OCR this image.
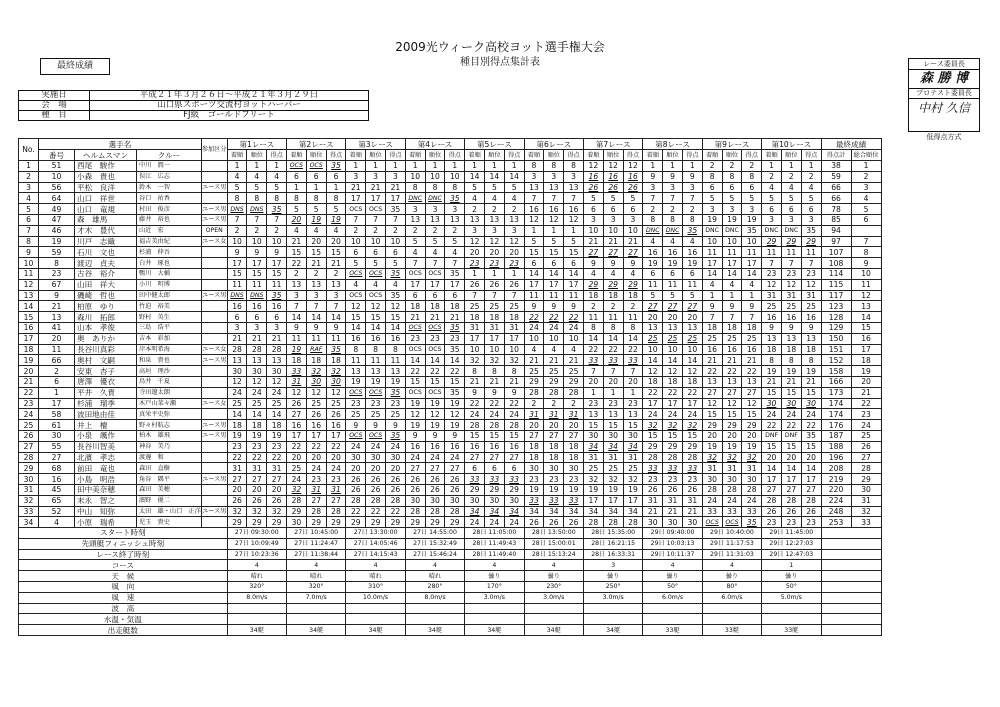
2009光ウィーク高校ヨット選手権大会
種目別得点集計表
最終成績
実施日	平成２１年３月２６日～平成２１年３月２９日
会　場	山口県スポーツ交流村ヨットハーバー
種　目	FJ級　ゴールドフリート
レース委員長
森 勝 博
プロテスト委員長
中村 久信
低得点方式
No.	選手名			参加区分	第1レース			第2レース			第3レース			第4レース			第5レース			第6レース			第7レース			第8レース			第9レース			第10レース			最終成績	
	番号	ヘルムスマン	クルー		着順	順位	得点	着順	順位	得点	着順	順位	得点	着順	順位	得点	着順	順位	得点	着順	順位	得点	着順	順位	得点	着順	順位	得点	着順	順位	得点	着順	順位	得点	得点計	総合順位
1	51	西尾　駿作	中川　潤一		1	1	1	OCS	OCS	35	1	1	1	1	1	1	1	1	1	8	8	8	12	12	12	1	1	1	2	2	2	1	1	1	38	1
2	10	小森　貴也	俣江　広志		4	4	4	6	6	6	3	3	3	10	10	10	14	14	14	3	3	3	16	16	16	9	9	9	8	8	8	2	2	2	59	2
3	56	平松　良洋	鈴木　一智	ユース男	5	5	5	1	1	1	21	21	21	8	8	8	5	5	5	13	13	13	26	26	26	3	3	3	6	6	6	4	4	4	66	3
4	64	山口　祥世	谷口　祐香		8	8	8	8	8	8	17	17	17	DNC	DNC	35	4	4	4	7	7	7	5	5	5	7	7	7	5	5	5	5	5	5	66	4
5	49	山口　竜規	村田　俊彦	ユース男	DNS	DNS	35	5	5	5	OCS	OCS	35	3	3	3	2	2	2	16	16	16	6	6	6	2	2	2	3	3	3	6	6	6	78	5
6	47	森　雄馬	藤井　裕也	ユース男	7	7	7	20	19	19	7	7	7	13	13	13	13	13	13	12	12	12	3	3	3	8	8	8	19	19	19	3	3	3	85	6
7	46	才木　豊代	山近　宏	OPEN	2	2	2	4	4	4	2	2	2	2	2	2	3	3	3	1	1	1	10	10	10	DNC	DNC	35	DNC	DNC	35	DNC	DNC	35	94	
8	19	川戸　志織	福吉美由紀	ユース女	10	10	10	21	20	20	10	10	10	5	5	5	12	12	12	5	5	5	21	21	21	4	4	4	10	10	10	29	29	29	97	7
9	59	石川　文也	杉浦　伸吾		9	9	9	15	15	15	6	6	6	4	4	4	20	20	20	15	15	15	27	27	27	16	16	16	11	11	11	11	11	11	107	8
10	8	渡辺　貞夫	白井　琢也		17	17	17	22	21	21	5	5	5	7	7	7	23	23	23	6	6	6	9	9	9	19	19	19	17	17	17	7	7	7	108	9
11	23	古谷　裕介	鴨川　大輔		15	15	15	2	2	2	OCS	OCS	35	OCS	OCS	35	1	1	1	14	14	14	4	4	4	6	6	6	14	14	14	23	23	23	114	10
12	67	山田　祥大	小川　明博		11	11	11	13	13	13	4	4	4	17	17	17	26	26	26	17	17	17	29	29	29	11	11	11	4	4	4	12	12	12	115	11
13	9	磯崎　哲也	田中健太郎	ユース男	DNS	DNS	35	3	3	3	OCS	OCS	35	6	6	6	7	7	7	11	11	11	18	18	18	5	5	5	1	1	1	31	31	31	117	12
14	21	柏原　ゆり	竹迫　裕美		16	16	16	7	7	7	12	12	12	18	18	18	25	25	25	9	9	9	2	2	2	27	27	27	9	9	9	25	25	25	123	13
15	13	森川　拓郎	野村　英生		6	6	6	14	14	14	15	15	15	21	21	21	18	18	18	22	22	22	11	11	11	20	20	20	7	7	7	16	16	16	128	14
16	41	山本　孝俊	三島　浩平		3	3	3	9	9	9	14	14	14	OCS	OCS	35	31	31	31	24	24	24	8	8	8	13	13	13	18	18	18	9	9	9	129	15
17	20	奥　ありか	吉本　彩加		21	21	21	11	11	11	16	16	16	23	23	23	17	17	17	10	10	10	14	14	14	25	25	25	25	25	25	13	13	13	150	16
18	11	長谷川真彩	岸本明希海	ユース女	28	28	28	19	RAF	35	8	8	8	OCS	OCS	35	10	10	10	4	4	4	22	22	22	10	10	10	16	16	16	18	18	18	151	17
19	66	奥村　文嗣	和泉　貴也	ユース男	13	13	13	18	18	18	11	11	11	14	14	14	32	32	32	21	21	21	33	33	33	14	14	14	21	21	21	8	8	8	152	18
20	2	安東　杏子	高垣　理沙		30	30	30	33	32	32	13	13	13	22	22	22	8	8	8	25	25	25	7	7	7	12	12	12	22	22	22	19	19	19	158	19
21	6	唐澤　優衣	鳥井　千夏		12	12	12	31	30	30	19	19	19	15	15	15	21	21	21	29	29	29	20	20	20	18	18	18	13	13	13	21	21	21	166	20
22	1	平井　久貴	寺田遼太朗		24	24	24	12	12	12	OCS	OCS	35	OCS	OCS	35	9	9	9	28	28	28	1	1	1	22	22	22	27	27	27	15	15	15	173	21
23	17	杉浦　瑠季	木戸山菜々瀬	ユース女	25	25	25	26	25	25	23	23	23	19	19	19	22	22	22	2	2	2	23	23	23	17	17	17	12	12	12	30	30	30	174	22
24	58	波田地由佳	真栄平史弥		14	14	14	27	26	26	25	25	25	12	12	12	24	24	24	31	31	31	13	13	13	24	24	24	15	15	15	24	24	24	174	23
25	61	井上　檀	野々村航志	ユース男	18	18	18	16	16	16	9	9	9	19	19	19	28	28	28	20	20	20	15	15	15	32	32	32	29	29	29	22	22	22	176	24
26	30	小泉　颯作	柏木　雄飛	ユース男	19	19	19	17	17	17	OCS	OCS	35	9	9	9	15	15	15	27	27	27	30	30	30	15	15	15	20	20	20	DNF	DNF	35	187	25
27	55	長谷川智美	神谷　美乃		23	23	23	22	22	22	24	24	24	16	16	16	16	16	16	18	18	18	34	34	34	29	29	29	19	19	19	15	15	15	188	26
28	27	北濱　孝志	渡邊　和		22	22	22	20	20	20	30	30	30	24	24	24	27	27	27	18	18	18	31	31	31	28	28	28	32	32	32	20	20	20	196	27
29	68	前田　竜也	森田　直樹		31	31	31	25	24	24	20	20	20	27	27	27	6	6	6	30	30	30	25	25	25	33	33	33	31	31	31	14	14	14	208	28
30	16	小島　明浩	角谷　隅平	ユース男	27	27	27	24	23	23	26	26	26	26	26	26	33	33	33	23	23	23	32	32	32	23	23	23	30	30	30	17	17	17	219	29
31	45	田中美奈穂	森田　美穂		20	20	20	32	31	31	26	26	26	26	26	26	29	29	29	19	19	19	19	19	19	26	26	26	28	28	28	27	27	27	220	30
32	65	末永　智之	濱野　優二		26	26	26	28	27	27	28	28	28	30	30	30	30	30	30	33	33	33	17	17	17	31	31	31	24	24	24	28	28	28	224	31
33	52	中山　知弥	太田　雄・山口　正洋	ユース男	32	32	32	29	28	28	22	22	22	28	28	28	34	34	34	34	34	34	34	34	34	21	21	21	33	33	33	26	26	26	248	32
34	4	小原　瑞希	児玉　貴史		29	29	29	30	29	29	29	29	29	29	29	29	24	24	24	26	26	26	28	28	28	30	30	30	OCS	OCS	35	23	23	23	253	33
スタート時刻					27日 09:30:00			27日 10:45:00			27日 13:30:00			27日 14:55:00			28日 11:05:00			28日 13:50:00			28日 15:35:00			29日 09:40:00			29日 10:40:00			29日 11:45:00				
先頭艇フィニッシュ時刻					27日 10:09:49			27日 11:24:47			27日 14:05:46			27日 15:32:49			28日 11:49:43			28日 15:00:01			28日 16:21:15			29日 10:03:13			29日 11:17:53			29日 12:27:03				
レース終了時刻					27日 10:23:36			27日 11:38:44			27日 14:15:43			27日 15:46:24			28日 11:49:40			28日 15:13:24			28日 16:33:31			29日 10:11:37			29日 11:31:03			29日 12:47:03				
コース					4			4			4			4			4			4			3			4			4			1				
天　候					晴れ			晴れ			晴れ			晴れ			曇り			曇り			曇り			曇り			曇り			曇り				
風　向					320°			320°			310°			280°			170°			230°			250°			50°			80°			50°				
風　速					8.0m/s			7.0m/s			10.0m/s			8.0m/s			3.0m/s			3.0m/s			3.0m/s			6.0m/s			6.0m/s			5.0m/s				
波　高																																				
水温・気温																																				
出走艇数					34艇			34艇			34艇			34艇			34艇			34艇			34艇			33艇			33艇			33艇				
